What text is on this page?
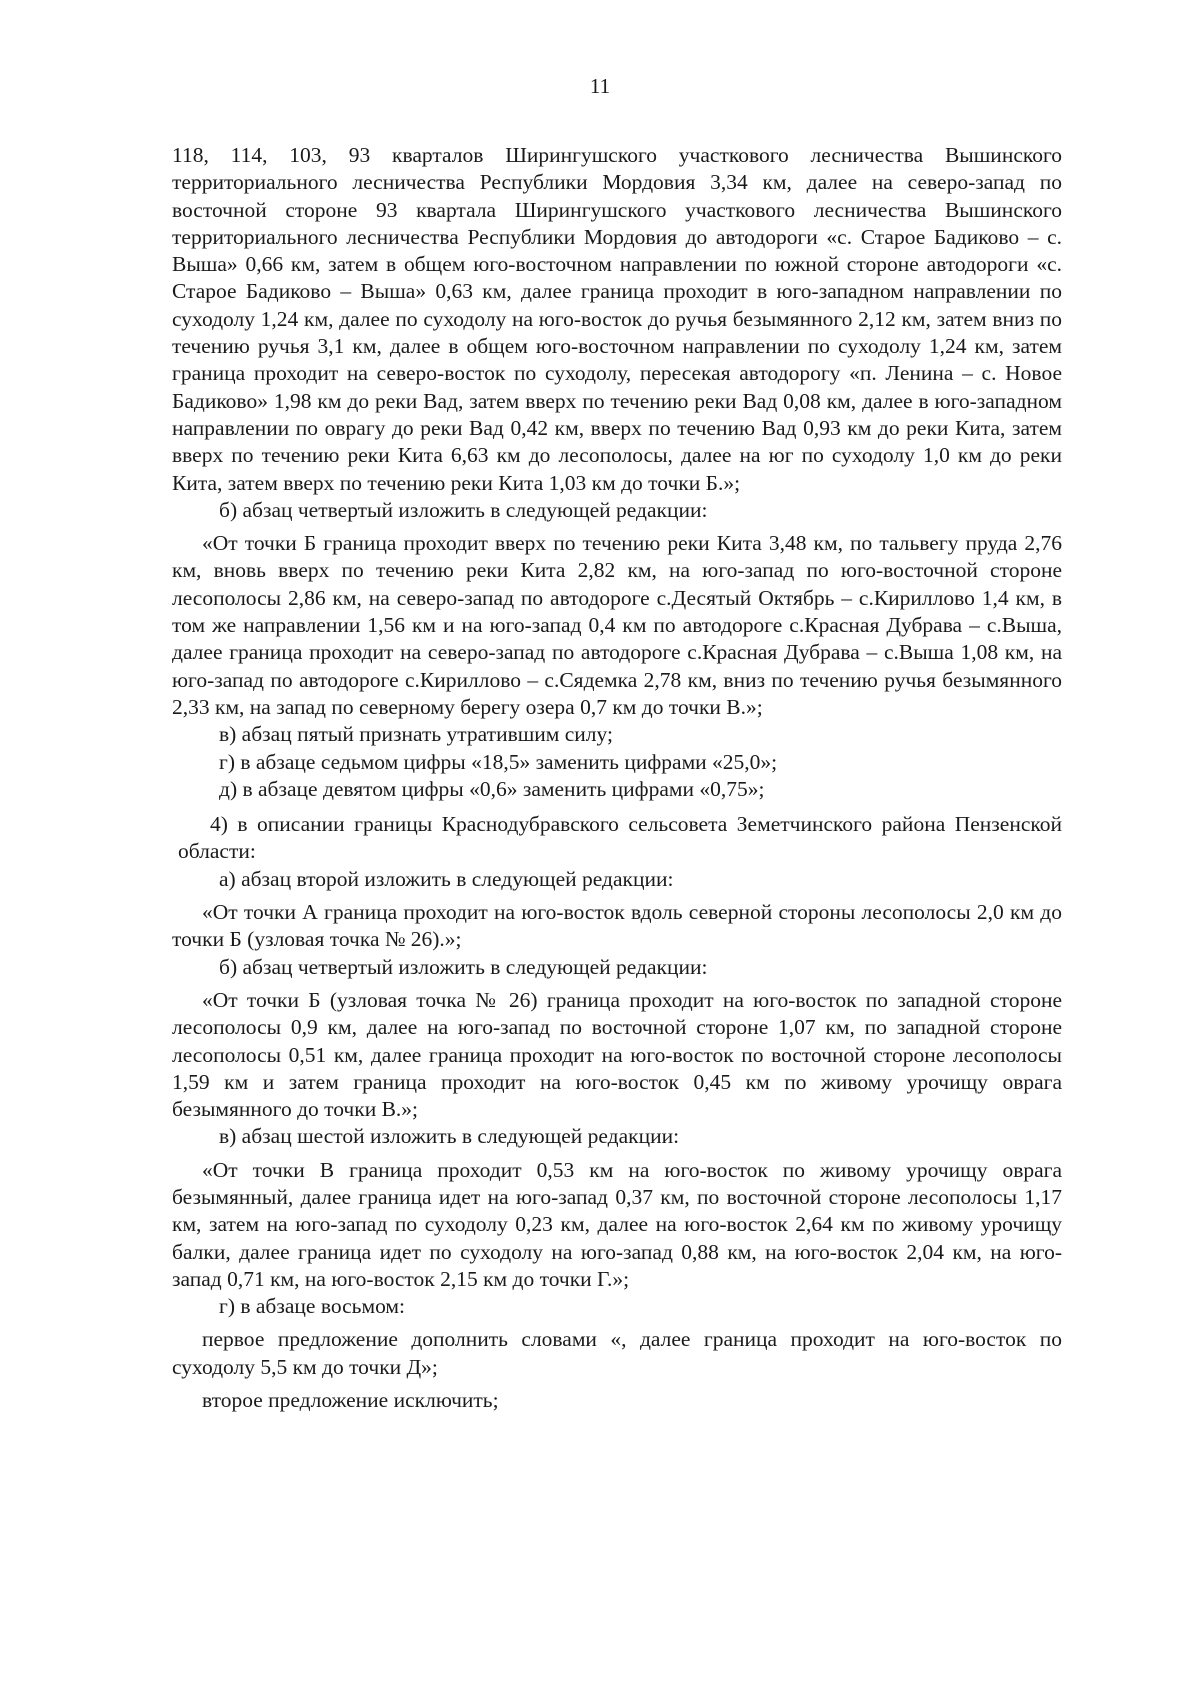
11

118, 114, 103, 93 кварталов Ширингушского участкового лесничества Вышинского территориального лесничества Республики Мордовия 3,34 км, далее на северо-запад по восточной стороне 93 квартала Ширингушского участкового лесничества Вышинского территориального лесничества Республики Мордовия до автодороги «с. Старое Бадиково – с. Выша» 0,66 км, затем в общем юго-восточном направлении по южной стороне автодороги «с. Старое Бадиково – Выша» 0,63 км, далее граница проходит в юго-западном направлении по суходолу 1,24 км, далее по суходолу на юго-восток до ручья безымянного 2,12 км, затем вниз по течению ручья 3,1 км, далее в общем юго-восточном направлении по суходолу 1,24 км, затем граница проходит на северо-восток по суходолу, пересекая автодорогу «п. Ленина – с. Новое Бадиково» 1,98 км до реки Вад, затем вверх по течению реки Вад 0,08 км, далее в юго-западном направлении по оврагу до реки Вад 0,42 км, вверх по течению Вад 0,93 км до реки Кита, затем вверх по течению реки Кита 6,63 км до лесополосы, далее на юг по суходолу 1,0 км до реки Кита, затем вверх по течению реки Кита 1,03 км до точки Б.»;

б) абзац четвертый изложить в следующей редакции:

«От точки Б граница проходит вверх по течению реки Кита 3,48 км, по тальвегу пруда 2,76 км, вновь вверх по течению реки Кита 2,82 км, на юго-запад по юго-восточной стороне лесополосы 2,86 км, на северо-запад по автодороге с.Десятый Октябрь – с.Кириллово 1,4 км, в том же направлении 1,56 км и на юго-запад 0,4 км по автодороге с.Красная Дубрава – с.Выша, далее граница проходит на северо-запад по автодороге с.Красная Дубрава – с.Выша 1,08 км, на юго-запад по автодороге с.Кириллово – с.Сядемка 2,78 км, вниз по течению ручья безымянного 2,33 км, на запад по северному берегу озера 0,7 км до точки В.»;

в) абзац пятый признать утратившим силу;

г) в абзаце седьмом цифры «18,5» заменить цифрами «25,0»;

д) в абзаце девятом цифры «0,6» заменить цифрами «0,75»;

4) в описании границы Краснодубравского сельсовета Земетчинского района Пензенской области:

а) абзац второй изложить в следующей редакции:

«От точки А граница проходит на юго-восток вдоль северной стороны лесополосы 2,0 км до точки Б (узловая точка № 26).»;

б) абзац четвертый изложить в следующей редакции:

«От точки Б (узловая точка № 26) граница проходит на юго-восток по западной стороне лесополосы 0,9 км, далее на юго-запад по восточной стороне 1,07 км, по западной стороне лесополосы 0,51 км, далее граница проходит на юго-восток по восточной стороне лесополосы 1,59 км и затем граница проходит на юго-восток 0,45 км по живому урочищу оврага безымянного до точки В.»;

в) абзац шестой изложить в следующей редакции:

«От точки В граница проходит 0,53 км на юго-восток по живому урочищу оврага безымянный, далее граница идет на юго-запад 0,37 км, по восточной стороне лесополосы 1,17 км, затем на юго-запад по суходолу 0,23 км, далее на юго-восток 2,64 км по живому урочищу балки, далее граница идет по суходолу на юго-запад 0,88 км, на юго-восток 2,04 км, на юго-запад 0,71 км, на юго-восток 2,15 км до точки Г.»;

г) в абзаце восьмом:

первое предложение дополнить словами «, далее граница проходит на юго-восток по суходолу 5,5 км до точки Д»;

второе предложение исключить;
